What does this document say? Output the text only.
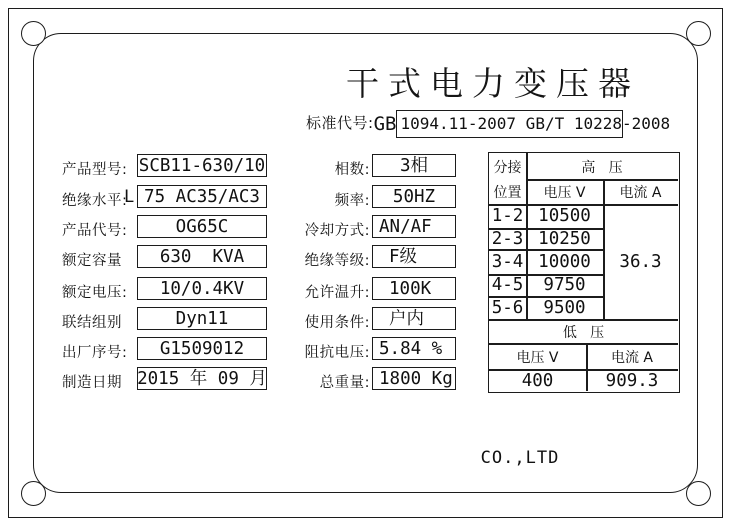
干式电力变压器
标准代号: GB 1094.11-2007 GB/T 10228-2008
产品型号: SCB11-630/10
绝缘水平:
L 75 AC35/AC3
产品代号:	OG65C
额定容量	630  KVA
额定电压:	10/0.4KV
联结组别	Dyn11
出厂序号:	G1509012
制造日期 2015 年 09 月
相数:	3相
频率:	50HZ
冷却方式: AN/AF
绝缘等级:	F级
允许温升:	100K
使用条件:	户内
阻抗电压: 5.84 %
总重量: 1800 Kg
分接
位置
高   压
电压 V	电流 A
1-2 10500
2-3 10250
3-4 10000
4-5	9750
5-6	9500
36.3
低   压
电压 V	电流 A
400	909.3
CO.,LTD
